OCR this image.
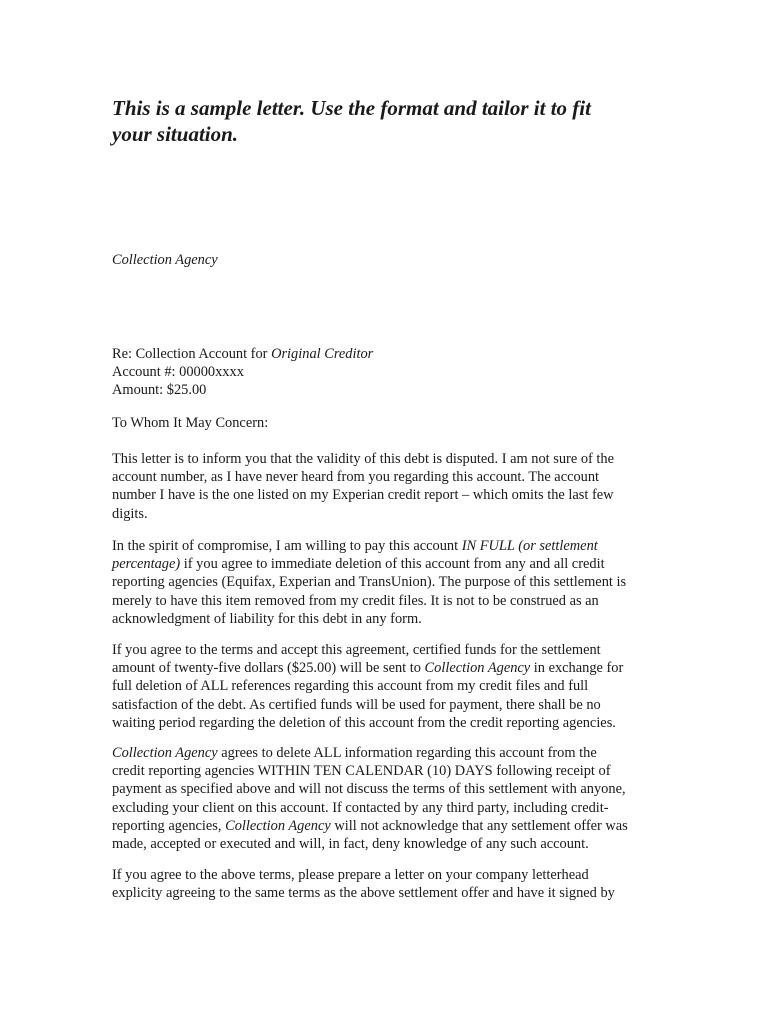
This is a sample letter. Use the format and tailor it to fit
your situation.

Collection Agency

Re: Collection Account for Original Creditor
Account #: 00000xxxx
Amount: $25.00

To Whom It May Concern:

This letter is to inform you that the validity of this debt is disputed. I am not sure of the
account number, as I have never heard from you regarding this account. The account
number I have is the one listed on my Experian credit report – which omits the last few
digits.
In the spirit of compromise, I am willing to pay this account IN FULL (or settlement
percentage) if you agree to immediate deletion of this account from any and all credit
reporting agencies (Equifax, Experian and TransUnion). The purpose of this settlement is
merely to have this item removed from my credit files. It is not to be construed as an
acknowledgment of liability for this debt in any form.
If you agree to the terms and accept this agreement, certified funds for the settlement
amount of twenty-five dollars ($25.00) will be sent to Collection Agency in exchange for
full deletion of ALL references regarding this account from my credit files and full
satisfaction of the debt. As certified funds will be used for payment, there shall be no
waiting period regarding the deletion of this account from the credit reporting agencies.
Collection Agency agrees to delete ALL information regarding this account from the
credit reporting agencies WITHIN TEN CALENDAR (10) DAYS following receipt of
payment as specified above and will not discuss the terms of this settlement with anyone,
excluding your client on this account. If contacted by any third party, including credit-
reporting agencies, Collection Agency will not acknowledge that any settlement offer was
made, accepted or executed and will, in fact, deny knowledge of any such account.
If you agree to the above terms, please prepare a letter on your company letterhead
explicity agreeing to the same terms as the above settlement offer and have it signed by
